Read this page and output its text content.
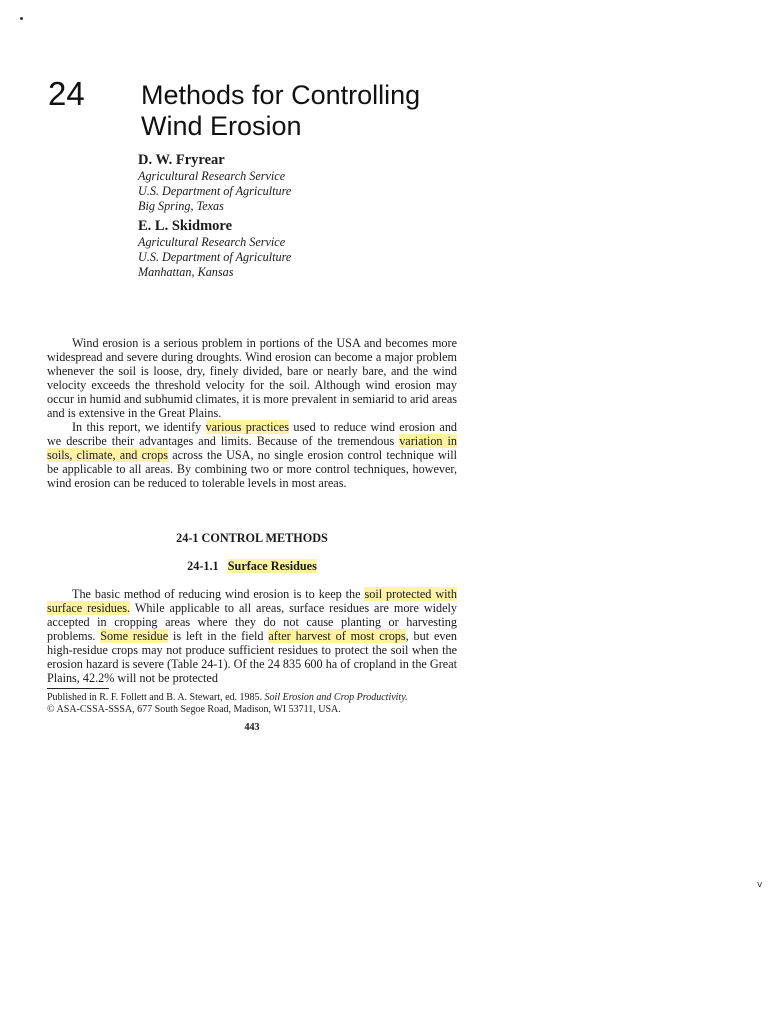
v
24 Methods for Controlling
Wind Erosion
D. W. Fryrear
Agricultural Research Service
U.S. Department of Agriculture
Big Spring, Texas
E. L. Skidmore
Agricultural Research Service
U.S. Department of Agriculture
Manhattan, Kansas

Wind erosion is a serious problem in portions of the USA and becomes more widespread and severe during droughts. Wind erosion can become a major problem whenever the soil is loose, dry, finely divided, bare or nearly bare, and the wind velocity exceeds the threshold velocity for the soil. Although wind erosion may occur in humid and subhumid climates, it is more prevalent in semiarid to arid areas and is extensive in the Great Plains.

In this report, we identify various practices used to reduce wind erosion and we describe their advantages and limits. Because of the tremendous variation in soils, climate, and crops across the USA, no single erosion control technique will be applicable to all areas. By combining two or more control techniques, however, wind erosion can be reduced to tolerable levels in most areas.

24-1 CONTROL METHODS
24-1.1 Surface Residues

The basic method of reducing wind erosion is to keep the soil protected with surface residues. While applicable to all areas, surface residues are more widely accepted in cropping areas where they do not cause planting or harvesting problems. Some residue is left in the field after harvest of most crops, but even high-residue crops may not produce sufficient residues to protect the soil when the erosion hazard is severe (Table 24-1). Of the 24 835 600 ha of cropland in the Great Plains, 42.2% will not be protected

Published in R. F. Follett and B. A. Stewart, ed. 1985. Soil Erosion and Crop Productivity.
© ASA-CSSA-SSSA, 677 South Segoe Road, Madison, WI 53711, USA.
443
